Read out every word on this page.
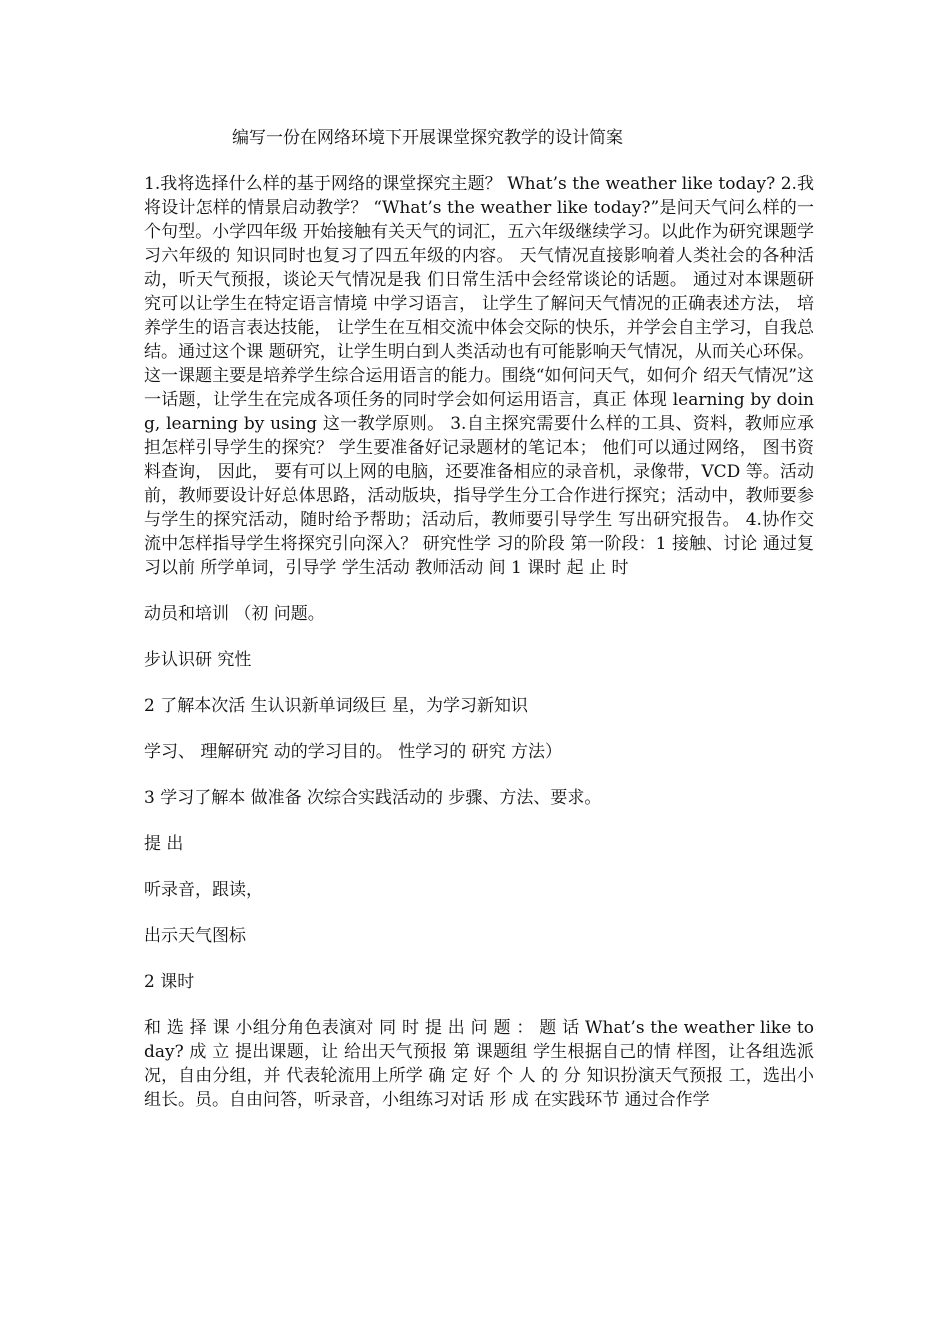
编写一份在网络环境下开展课堂探究教学的设计简案

1.我将选择什么样的基于网络的课堂探究主题？ What’s the weather like today? 2.我将设计怎样的情景启动教学？ “What’s the weather like today?”是问天气问么样的一个句型。小学四年级 开始接触有关天气的词汇，五六年级继续学习。以此作为研究课题学习六年级的 知识同时也复习了四五年级的内容。 天气情况直接影响着人类社会的各种活动，听天气预报，谈论天气情况是我 们日常生活中会经常谈论的话题。 通过对本课题研究可以让学生在特定语言情境 中学习语言， 让学生了解问天气情况的正确表述方法， 培养学生的语言表达技能， 让学生在互相交流中体会交际的快乐，并学会自主学习，自我总结。通过这个课 题研究，让学生明白到人类活动也有可能影响天气情况，从而关心环保。这一课题主要是培养学生综合运用语言的能力。围绕“如何问天气，如何介 绍天气情况”这一话题，让学生在完成各项任务的同时学会如何运用语言，真正 体现 learning by doing, learning by using 这一教学原则。 3.自主探究需要什么样的工具、资料，教师应承担怎样引导学生的探究？ 学生要准备好记录题材的笔记本； 他们可以通过网络， 图书资料查询， 因此， 要有可以上网的电脑，还要准备相应的录音机，录像带，VCD 等。活动前，教师要设计好总体思路，活动版块，指导学生分工合作进行探究；活动中，教师要参与学生的探究活动，随时给予帮助；活动后，教师要引导学生 写出研究报告。 4.协作交流中怎样指导学生将探究引向深入？ 研究性学 习的阶段 第一阶段：1 接触、讨论 通过复习以前 所学单词，引导学 学生活动 教师活动 间 1 课时 起 止 时

动员和培训 （初 问题。

步认识研 究性

2 了解本次活 生认识新单词级巨 星，为学习新知识

学习、 理解研究 动的学习目的。 性学习的 研究 方法）

3 学习了解本 做准备 次综合实践活动的 步骤、方法、要求。

提 出

听录音，跟读，

出示天气图标

2 课时

和 选 择 课 小组分角色表演对 同 时 提 出 问 题 ： 题 话 What’s the weather like today? 成 立 提出课题，让 给出天气预报 第 课题组 学生根据自己的情 样图，让各组选派 况，自由分组，并 代表轮流用上所学 确 定 好 个 人 的 分 知识扮演天气预报 工，选出小组长。员。自由问答，听录音，小组练习对话 形 成 在实践环节 通过合作学
